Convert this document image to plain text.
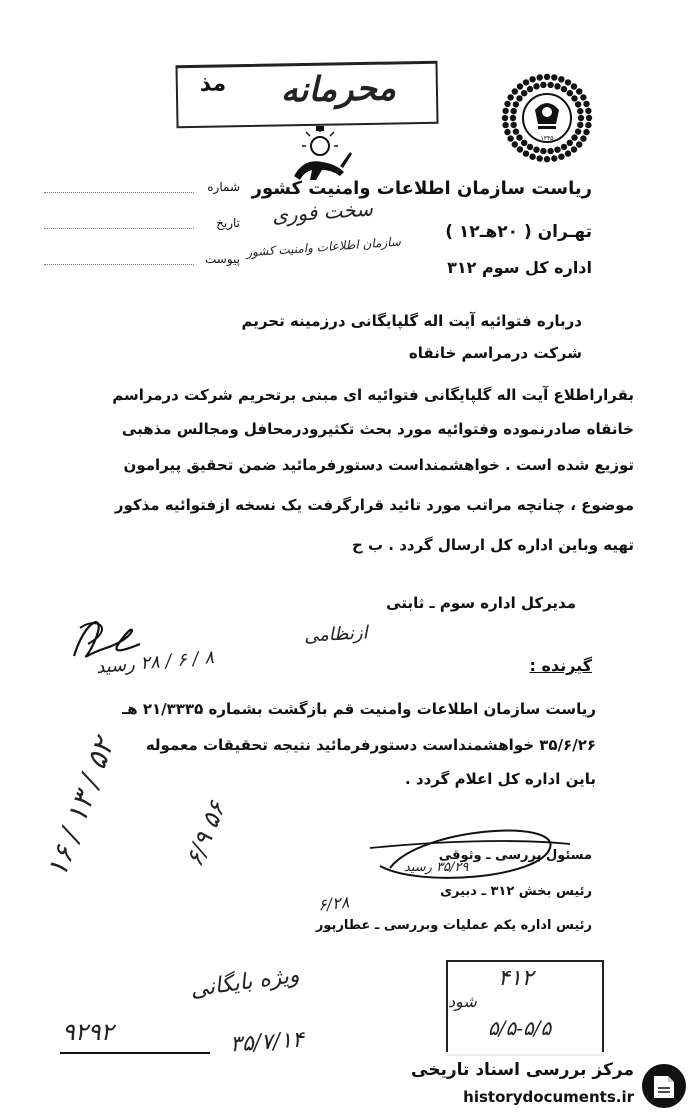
مذ محرمانه
۱۳۴۵
شماره
تاریخ
پیوست
ریاست سازمان اطلاعات وامنیت کشور
سخت فوری
تهـران ( ۲۰هـ۱۲ )
سازمان اطلاعات وامنیت کشور
اداره کل سوم ۳۱۲
درباره فتوائیه آیت اله گلپایگانی درزمینه تحریم
شرکت درمراسم خانقاه
بقراراطلاع آیت اله گلپایگانی فتوائیه ای مبنی برتحریم شرکت درمراسم
خانقاه صادرنموده وفتوائیه مورد بحث تکثیرودرمحافل ومجالس مذهبی
توزیع شده است . خواهشمنداست دستورفرمائید ضمن تحقیق پیرامون
موضوع ، چنانچه مراتب مورد تائید قرارگرفت یک نسخه ازفتوائیه مذکور
تهیه وباین اداره کل ارسال گردد . ب ح
مدیرکل اداره سوم ـ ثابتی
ازنظامی
۸ / ۶ / ۲۸ رسید	گیرنده :
ریاست سازمان اطلاعات وامنیت قم بازگشت بشماره ۲۱/۳۳۳۵ هـ
۳۵/۶/۲۶ خواهشمنداست دستورفرمائید نتیجه تحقیقات معموله
باین اداره کل اعلام گردد .
مسئول بررسی ـ وثوقی
۳۵/۲۹ رسید
رئیس بخش ۳۱۲ ـ دبیری
۶/۲۸
رئیس اداره یکم عملیات وبررسی ـ عطارپور
۱۶ / ۱۳ / ۵۲ ۶/۹ ۵۶
ویژه بایگانی
۹۲۹۲	۳۵/۷/۱۴
۴۱۲
شود
۵/۵-۵/۵
مرکز بررسی اسناد تاریخی
historydocuments.ir
